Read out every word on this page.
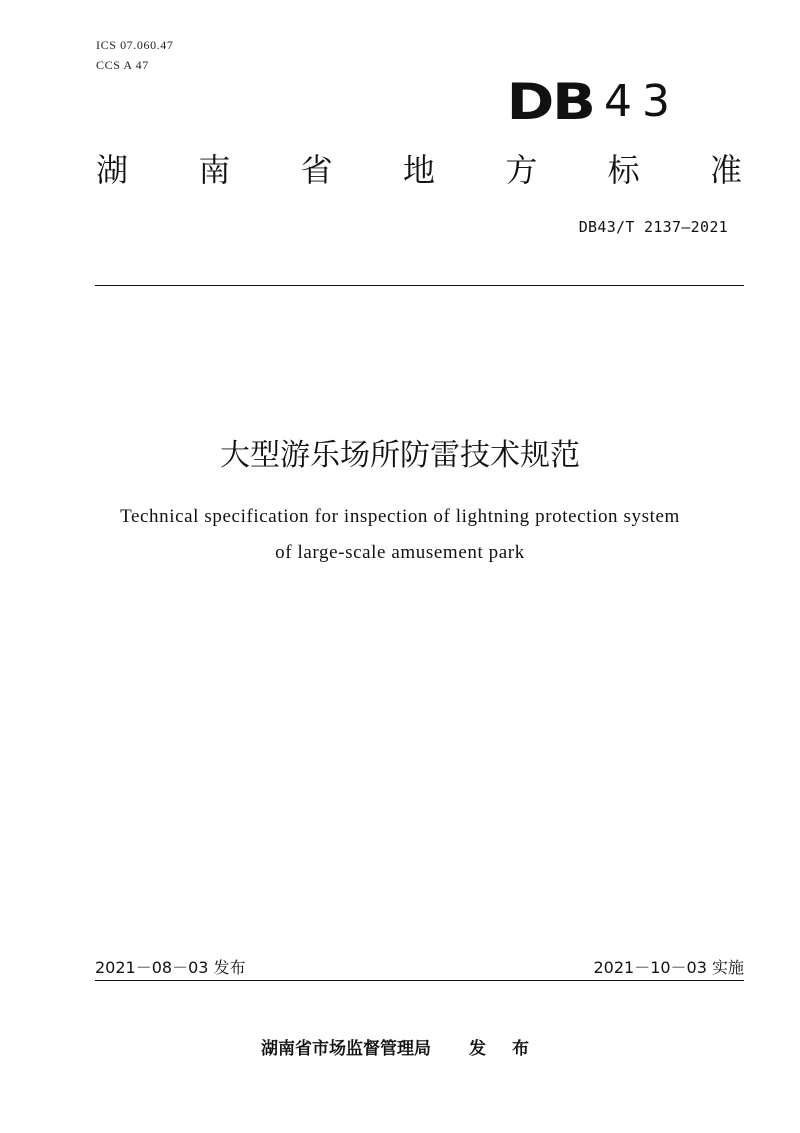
ICS 07.060.47
CCS A 47
DB 43
湖 南 省 地 方 标 准
DB43/T 2137—2021
大型游乐场所防雷技术规范
Technical specification for inspection of lightning protection system
of large-scale amusement park
2021－08－03 发布	2021－10－03 实施
湖南省市场监督管理局 发 布
